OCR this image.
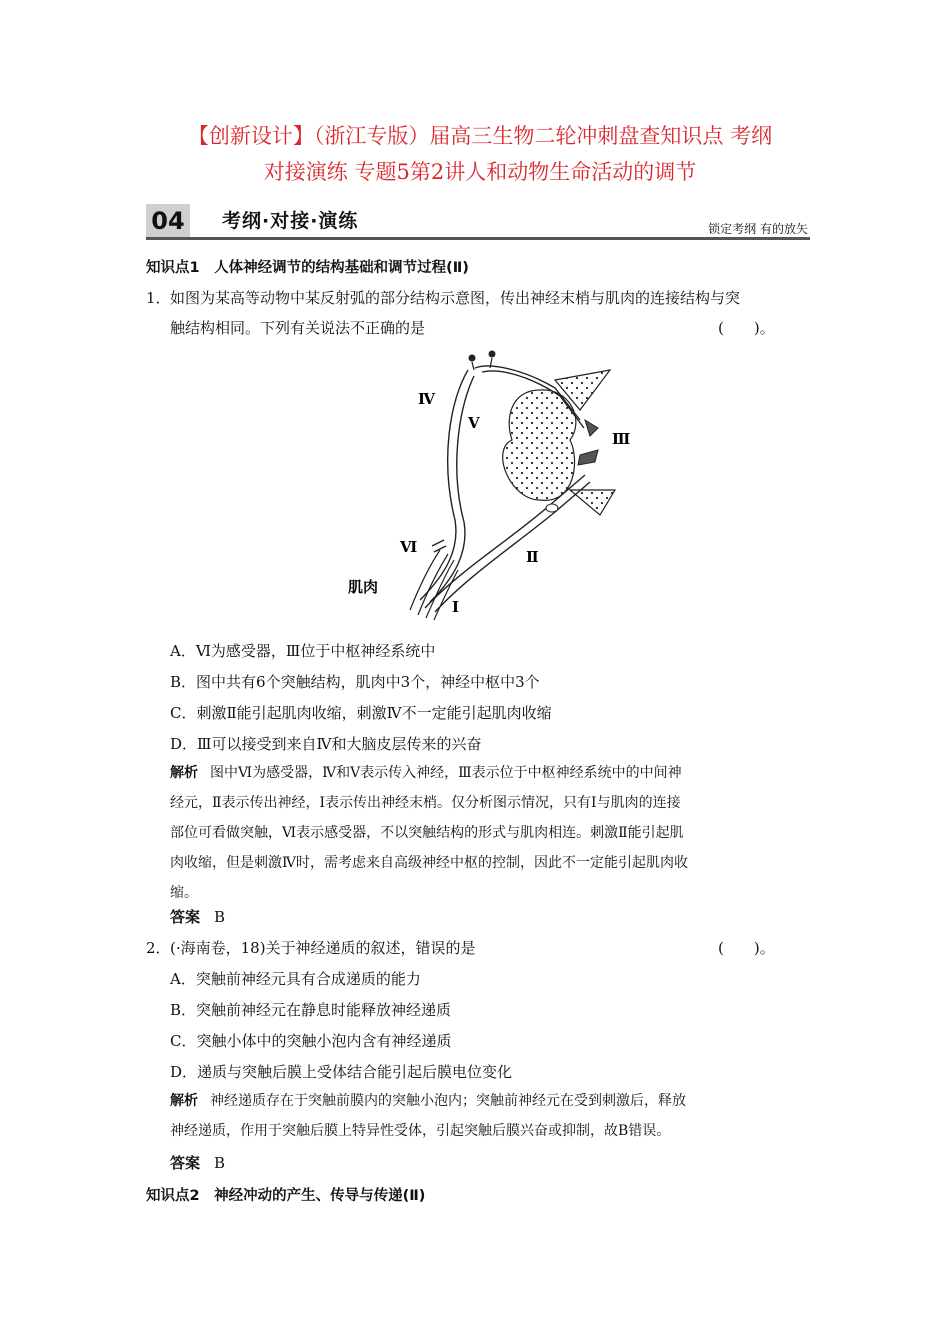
【创新设计】（浙江专版）届高三生物二轮冲刺盘查知识点 考纲
对接演练 专题5第2讲人和动物生命活动的调节
04 考纲·对接·演练	锁定考纲 有的放矢
知识点1　人体神经调节的结构基础和调节过程(Ⅱ)
1． 如图为某高等动物中某反射弧的部分结构示意图，传出神经末梢与肌肉的连接结构与突
触结构相同。下列有关说法不正确的是	(　　)。
Ⅳ
Ⅴ
Ⅲ
Ⅵ
Ⅱ
肌肉
Ⅰ
A．Ⅵ为感受器，Ⅲ位于中枢神经系统中
B．图中共有6个突触结构，肌肉中3个，神经中枢中3个
C．刺激Ⅱ能引起肌肉收缩，刺激Ⅳ不一定能引起肌肉收缩
D．Ⅲ可以接受到来自Ⅳ和大脑皮层传来的兴奋
解析 图中Ⅵ为感受器，Ⅳ和Ⅴ表示传入神经，Ⅲ表示位于中枢神经系统中的中间神
经元，Ⅱ表示传出神经，Ⅰ表示传出神经末梢。仅分析图示情况，只有Ⅰ与肌肉的连接
部位可看做突触，Ⅵ表示感受器，不以突触结构的形式与肌肉相连。刺激Ⅱ能引起肌
肉收缩，但是刺激Ⅳ时，需考虑来自高级神经中枢的控制，因此不一定能引起肌肉收
缩。
答案 B
2． (·海南卷，18)关于神经递质的叙述，错误的是	(　　)。
A．突触前神经元具有合成递质的能力
B．突触前神经元在静息时能释放神经递质
C．突触小体中的突触小泡内含有神经递质
D．递质与突触后膜上受体结合能引起后膜电位变化
解析 神经递质存在于突触前膜内的突触小泡内；突触前神经元在受到刺激后，释放
神经递质，作用于突触后膜上特异性受体，引起突触后膜兴奋或抑制，故B错误。
答案 B
知识点2　神经冲动的产生、传导与传递(Ⅱ)
